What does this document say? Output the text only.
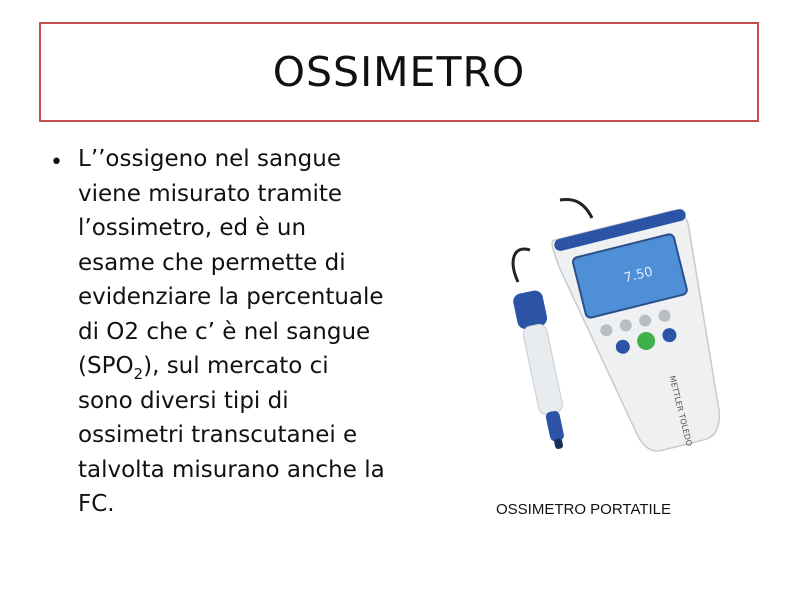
OSSIMETRO
• L’’ossigeno nel sangue viene misurato tramite l’ossimetro, ed è un esame che permette di evidenziare la percentuale di O2 che c’ è nel sangue $(SPO_2)$, sul mercato ci sono diversi tipi di ossimetri transcutanei e talvolta misurano anche la FC.
7.50
METTLER TOLEDO
OSSIMETRO PORTATILE
